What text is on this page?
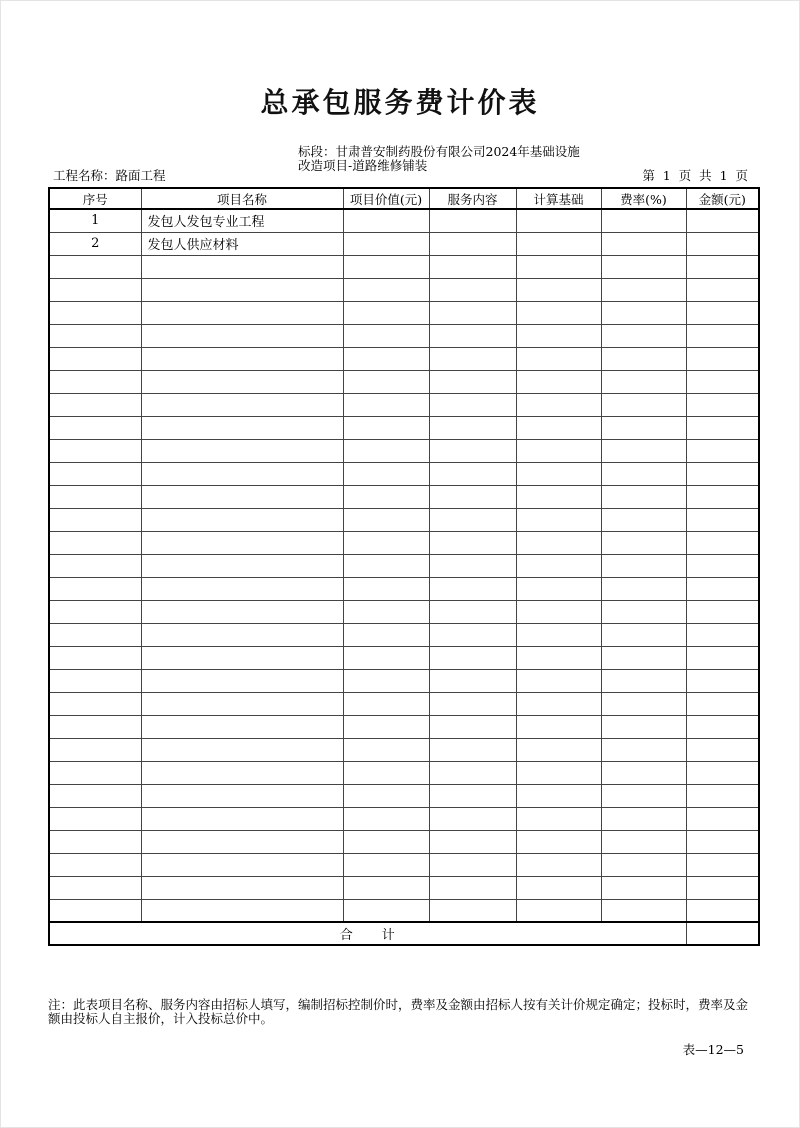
总承包服务费计价表
工程名称：路面工程
标段：甘肃普安制药股份有限公司2024年基础设施
改造项目-道路维修铺装
第  1  页  共  1  页
序号	项目名称	项目价值(元)	服务内容	计算基础	费率(%)	金额(元)
1	发包人发包专业工程					
2	发包人供应材料					

合　　计						
注：此表项目名称、服务内容由招标人填写，编制招标控制价时，费率及金额由招标人按有关计价规定确定；投标时，费率及金额由投标人自主报价，计入投标总价中。
表—12—5
